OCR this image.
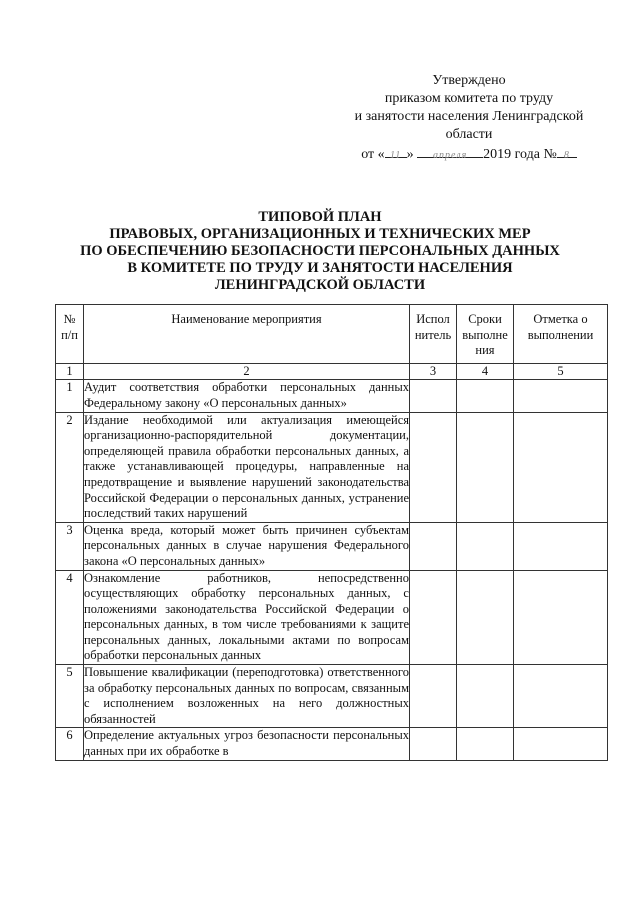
Утверждено
приказом комитета по труду
и занятости населения Ленинградской
области
от « 11 »	апреля	2019 года № 8
ТИПОВОЙ ПЛАН
ПРАВОВЫХ, ОРГАНИЗАЦИОННЫХ И ТЕХНИЧЕСКИХ МЕР
ПО ОБЕСПЕЧЕНИЮ БЕЗОПАСНОСТИ ПЕРСОНАЛЬНЫХ ДАННЫХ
В КОМИТЕТЕ ПО ТРУДУ И ЗАНЯТОСТИ НАСЕЛЕНИЯ
ЛЕНИНГРАДСКОЙ ОБЛАСТИ
№ п/п	Наименование мероприятия	Испол нитель	Сроки выполне ния	Отметка о выполнении
1	2	3	4	5
1	Аудит соответствия обработки персональных данных Федеральному закону «О персональных данных»			

2	Издание необходимой или актуализация имеющейся организационно-распорядительной документации, определяющей правила обработки персональных данных, а также устанавливающей процедуры, направленные на предотвращение и выявление нарушений законодательства Российской Федерации о персональных данных, устранение последствий таких нарушений			

3	Оценка вреда, который может быть причинен субъектам персональных данных в случае нарушения Федерального закона «О персональных данных»			

4	Ознакомление работников, непосредственно осуществляющих обработку персональных данных, с положениями законодательства Российской Федерации о персональных данных, в том числе требованиями к защите персональных данных, локальными актами по вопросам обработки персональных данных			

5	Повышение квалификации (переподготовка) ответственного за обработку персональных данных по вопросам, связанным с исполнением возложенных на него должностных обязанностей			

6	Определение актуальных угроз безопасности персональных данных при их обработке в			
